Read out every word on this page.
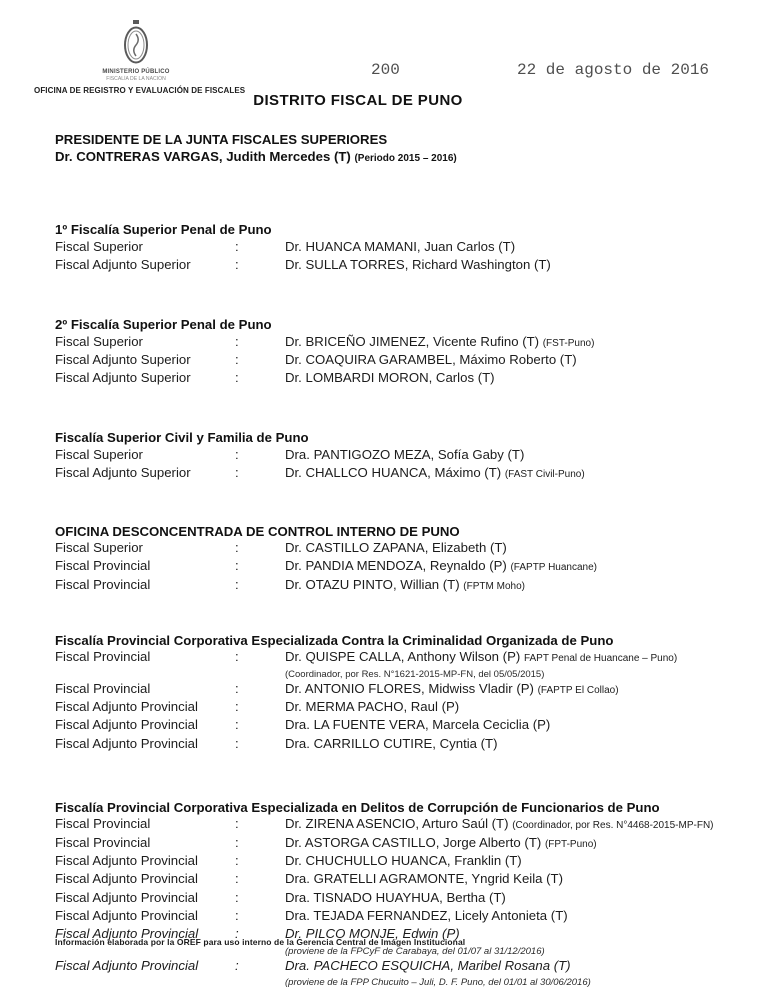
MINISTERIO PÚBLICO
FISCALÍA DE LA NACIÓN
OFICINA DE REGISTRO Y EVALUACIÓN DE FISCALES
200	22 de agosto de 2016
DISTRITO FISCAL DE PUNO
PRESIDENTE DE LA JUNTA FISCALES SUPERIORES
Dr. CONTRERAS VARGAS, Judith Mercedes (T) (Periodo 2015 – 2016)
1º Fiscalía Superior Penal de Puno
Fiscal Superior	:	Dr. HUANCA MAMANI, Juan Carlos (T)
Fiscal Adjunto Superior	:	Dr. SULLA TORRES, Richard Washington (T)
2º Fiscalía Superior Penal de Puno
Fiscal Superior	:	Dr. BRICEÑO JIMENEZ, Vicente Rufino (T) (FST-Puno)
Fiscal Adjunto Superior	:	Dr. COAQUIRA GARAMBEL, Máximo Roberto (T)
Fiscal Adjunto Superior	:	Dr. LOMBARDI MORON, Carlos (T)
Fiscalía Superior Civil y Familia de Puno
Fiscal Superior	:	Dra. PANTIGOZO MEZA, Sofía Gaby (T)
Fiscal Adjunto Superior	:	Dr. CHALLCO HUANCA, Máximo (T) (FAST Civil-Puno)
OFICINA DESCONCENTRADA DE CONTROL INTERNO DE PUNO
Fiscal Superior	:	Dr. CASTILLO ZAPANA, Elizabeth (T)
Fiscal Provincial	:	Dr. PANDIA MENDOZA, Reynaldo (P) (FAPTP Huancane)
Fiscal Provincial	:	Dr. OTAZU PINTO, Willian (T) (FPTM Moho)
Fiscalía Provincial Corporativa Especializada Contra la Criminalidad Organizada de Puno
Fiscal Provincial	:	Dr. QUISPE CALLA, Anthony Wilson (P) FAPT Penal de Huancane – Puno)
(Coordinador, por Res. N°1621-2015-MP-FN, del 05/05/2015)
Fiscal Provincial	:	Dr. ANTONIO FLORES, Midwiss Vladir (P) (FAPTP El Collao)
Fiscal Adjunto Provincial	:	Dr. MERMA PACHO, Raul (P)
Fiscal Adjunto Provincial	:	Dra. LA FUENTE VERA, Marcela Ceciclia (P)
Fiscal Adjunto Provincial	:	Dra. CARRILLO CUTIRE, Cyntia (T)
Fiscalía Provincial Corporativa Especializada en Delitos de Corrupción de Funcionarios de Puno
Fiscal Provincial	:	Dr. ZIRENA ASENCIO, Arturo Saúl (T) (Coordinador, por Res. N°4468-2015-MP-FN)
Fiscal Provincial	:	Dr. ASTORGA CASTILLO, Jorge Alberto (T) (FPT-Puno)
Fiscal Adjunto Provincial	:	Dr. CHUCHULLO HUANCA, Franklin (T)
Fiscal Adjunto Provincial	:	Dra. GRATELLI AGRAMONTE, Yngrid Keila (T)
Fiscal Adjunto Provincial	:	Dra. TISNADO HUAYHUA, Bertha (T)
Fiscal Adjunto Provincial	:	Dra. TEJADA FERNANDEZ, Licely Antonieta (T)
Fiscal Adjunto Provincial	:	Dr. PILCO MONJE, Edwin (P)
(proviene de la FPCyF de Carabaya, del 01/07 al 31/12/2016)
Fiscal Adjunto Provincial	:	Dra. PACHECO ESQUICHA, Maribel Rosana (T)
(proviene de la FPP Chucuito – Juli, D. F. Puno, del 01/01 al 30/06/2016)
Información elaborada por la OREF para uso interno de la Gerencia Central de Imágen Institucional
